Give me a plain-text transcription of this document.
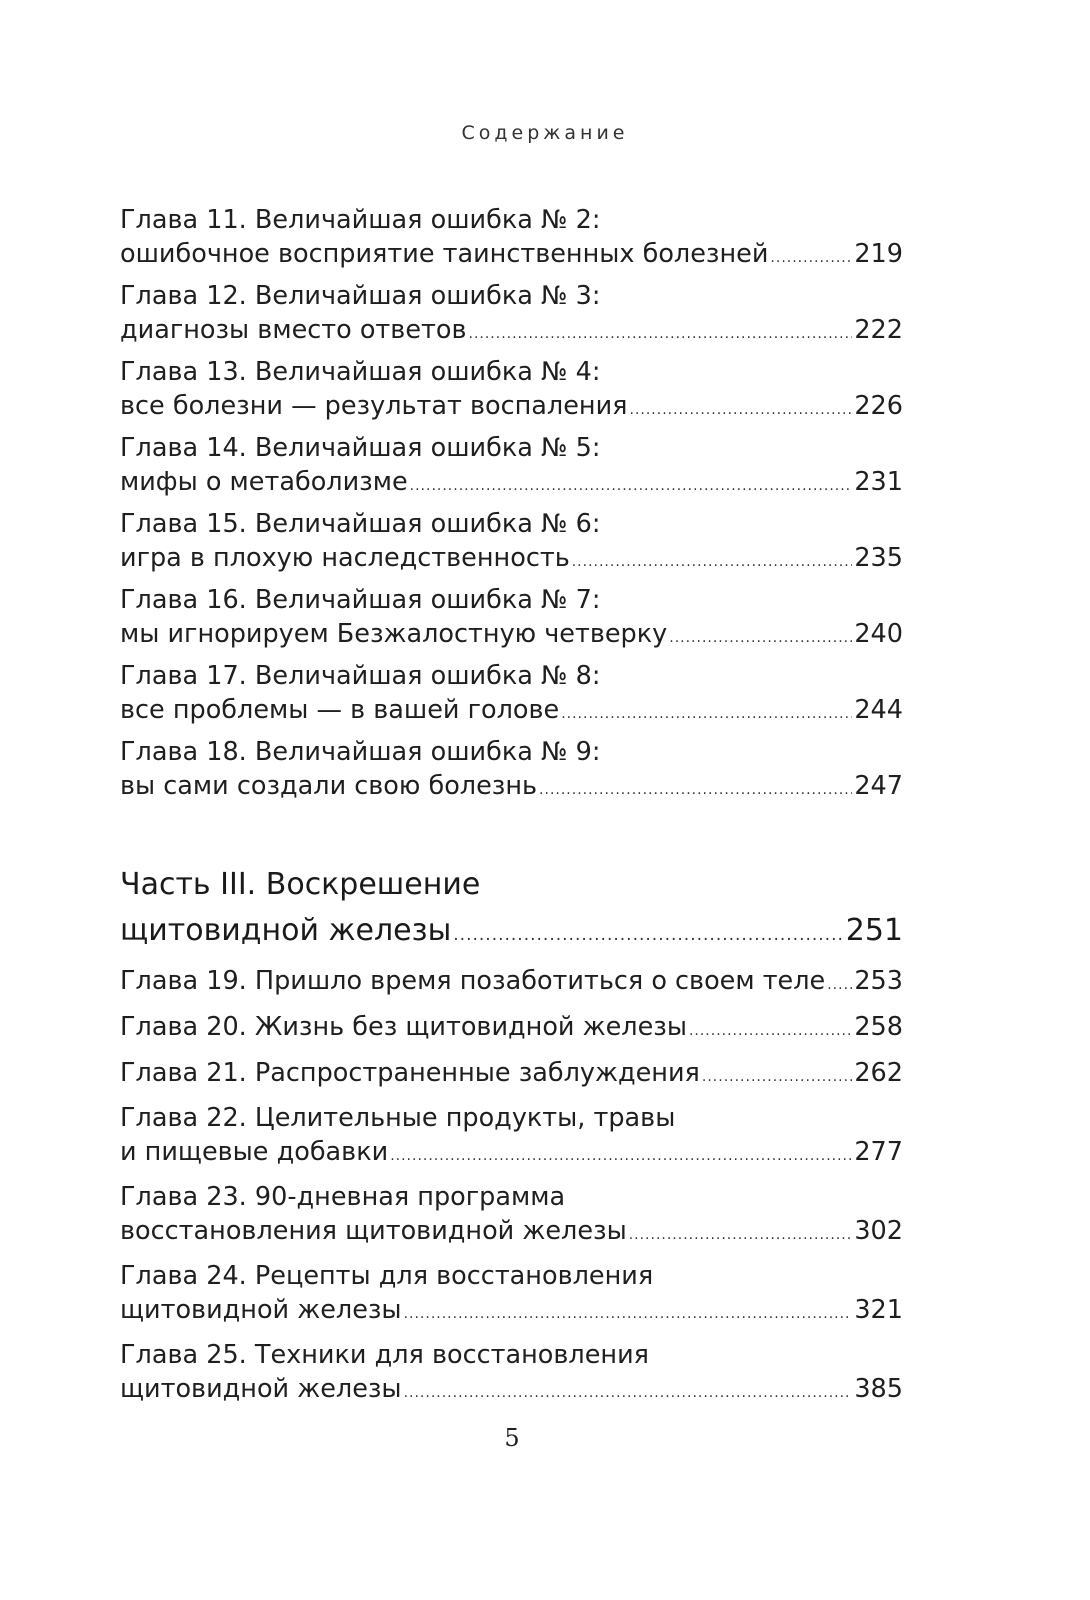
Содержание
Глава 11. Величайшая ошибка № 2:
ошибочное восприятие таинственных болезней .....	219
Глава 12. Величайшая ошибка № 3:
диагнозы вместо ответов .....	222
Глава 13. Величайшая ошибка № 4:
все болезни — результат воспаления .....	226
Глава 14. Величайшая ошибка № 5:
мифы о метаболизме .....	231
Глава 15. Величайшая ошибка № 6:
игра в плохую наследственность .....	235
Глава 16. Величайшая ошибка № 7:
мы игнорируем Безжалостную четверку .....	240
Глава 17. Величайшая ошибка № 8:
все проблемы — в вашей голове .....	244
Глава 18. Величайшая ошибка № 9:
вы сами создали свою болезнь .....	247
Часть III. Воскрешение
щитовидной железы .....	251
Глава 19. Пришло время позаботиться о своем теле ..... 253
Глава 20. Жизнь без щитовидной железы .....	258
Глава 21. Распространенные заблуждения .....	262
Глава 22. Целительные продукты, травы
и пищевые добавки .....	277
Глава 23. 90-дневная программа
восстановления щитовидной железы .....	302
Глава 24. Рецепты для восстановления
щитовидной железы .....	321
Глава 25. Техники для восстановления
щитовидной железы .....	385
5
